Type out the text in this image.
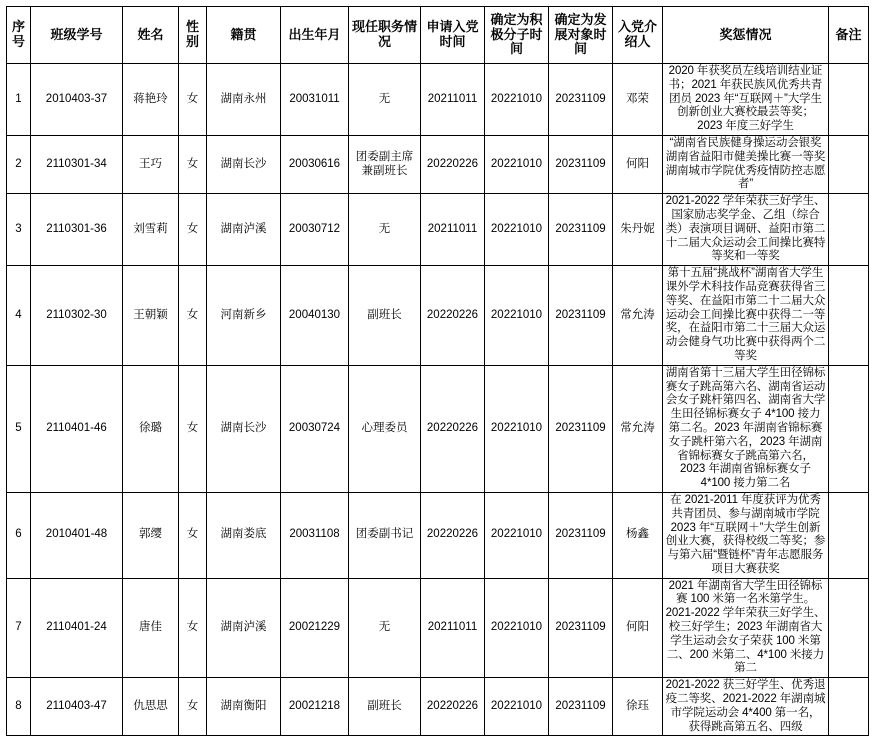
序号	班级学号	姓名	性别	籍贯	出生年月	现任职务情况	申请入党时间	确定为积极分子时间	确定为发展对象时间	入党介绍人	奖惩情况	备注
1	2010403-37	蒋艳玲	女	湖南永州	20031011	无	20211011	20221010	20231109	邓荣	2020 年获奖员左线培训结业证书；2021 年获民族风优秀共青团员 2023 年“互联网＋”大学生创新创业大赛校最芸等奖；2023 年度三好学生	
2	2110301-34	王巧	女	湖南长沙	20030616	团委副主席兼副班长	20220226	20221010	20231109	何阳	“湖南省民族健身操运动会银奖湖南省益阳市健美操比赛一等奖湖南城市学院优秀疫情防控志愿者”	
3	2110301-36	刘雪莉	女	湖南泸溪	20030712	无	20211011	20221010	20231109	朱丹妮	2021-2022 学年荣获三好学生、国家励志奖学金、乙组（综合类）表演项目调研、益阳市第二十二届大众运动会工间操比赛特等奖和一等奖	
4	2110302-30	王朝颖	女	河南新乡	20040130	副班长	20220226	20221010	20231109	常允涛	第十五届“挑战杯”湖南省大学生课外学术科技作品竞赛获得省三等奖、在益阳市第二十二届大众运动会工间操比赛中获得二一等奖，在益阳市第二十三届大众运动会健身气功比赛中获得两个二等奖	
5	2110401-46	徐璐	女	湖南长沙	20030724	心理委员	20220226	20221010	20231109	常允涛	湖南省第十三届大学生田径锦标赛女子跳高第六名、湖南省运动会女子跳杆第四名、湖南省大学生田径锦标赛女子 4*100 接力第二名。2023 年湖南省锦标赛女子跳杆第六名，2023 年湖南省锦标赛女子跳高第六名，2023 年湖南省锦标赛女子 4*100 接力第二名	
6	2010401-48	郭缨	女	湖南娄底	20031108	团委副书记	20220226	20221010	20231109	杨鑫	在 2021-2011 年度获评为优秀共青团员、参与湖南城市学院 2023 年“互联网＋”大学生创新创业大赛，获得校级二等奖；参与第六届“暨链杯”青年志愿服务项目大赛获奖	
7	2110401-24	唐佳	女	湖南泸溪	20021229	无	20211011	20221010	20231109	何阳	2021 年湖南省大学生田径锦标赛 100 米第一名米第学生。2021-2022 学年荣获三好学生、校三好学生；2023 年湖南省大学生运动会女子荣获 100 米第二、200 米第二、4*100 米接力第二	
8	2110403-47	仇思思	女	湖南衡阳	20021218	副班长	20220226	20221010	20231109	徐珏	2021-2022 获三好学生、优秀退疫二等奖、2021-2022 年湖南城市学院运动会 4*400 第一名，获得跳高第五名、四级	
